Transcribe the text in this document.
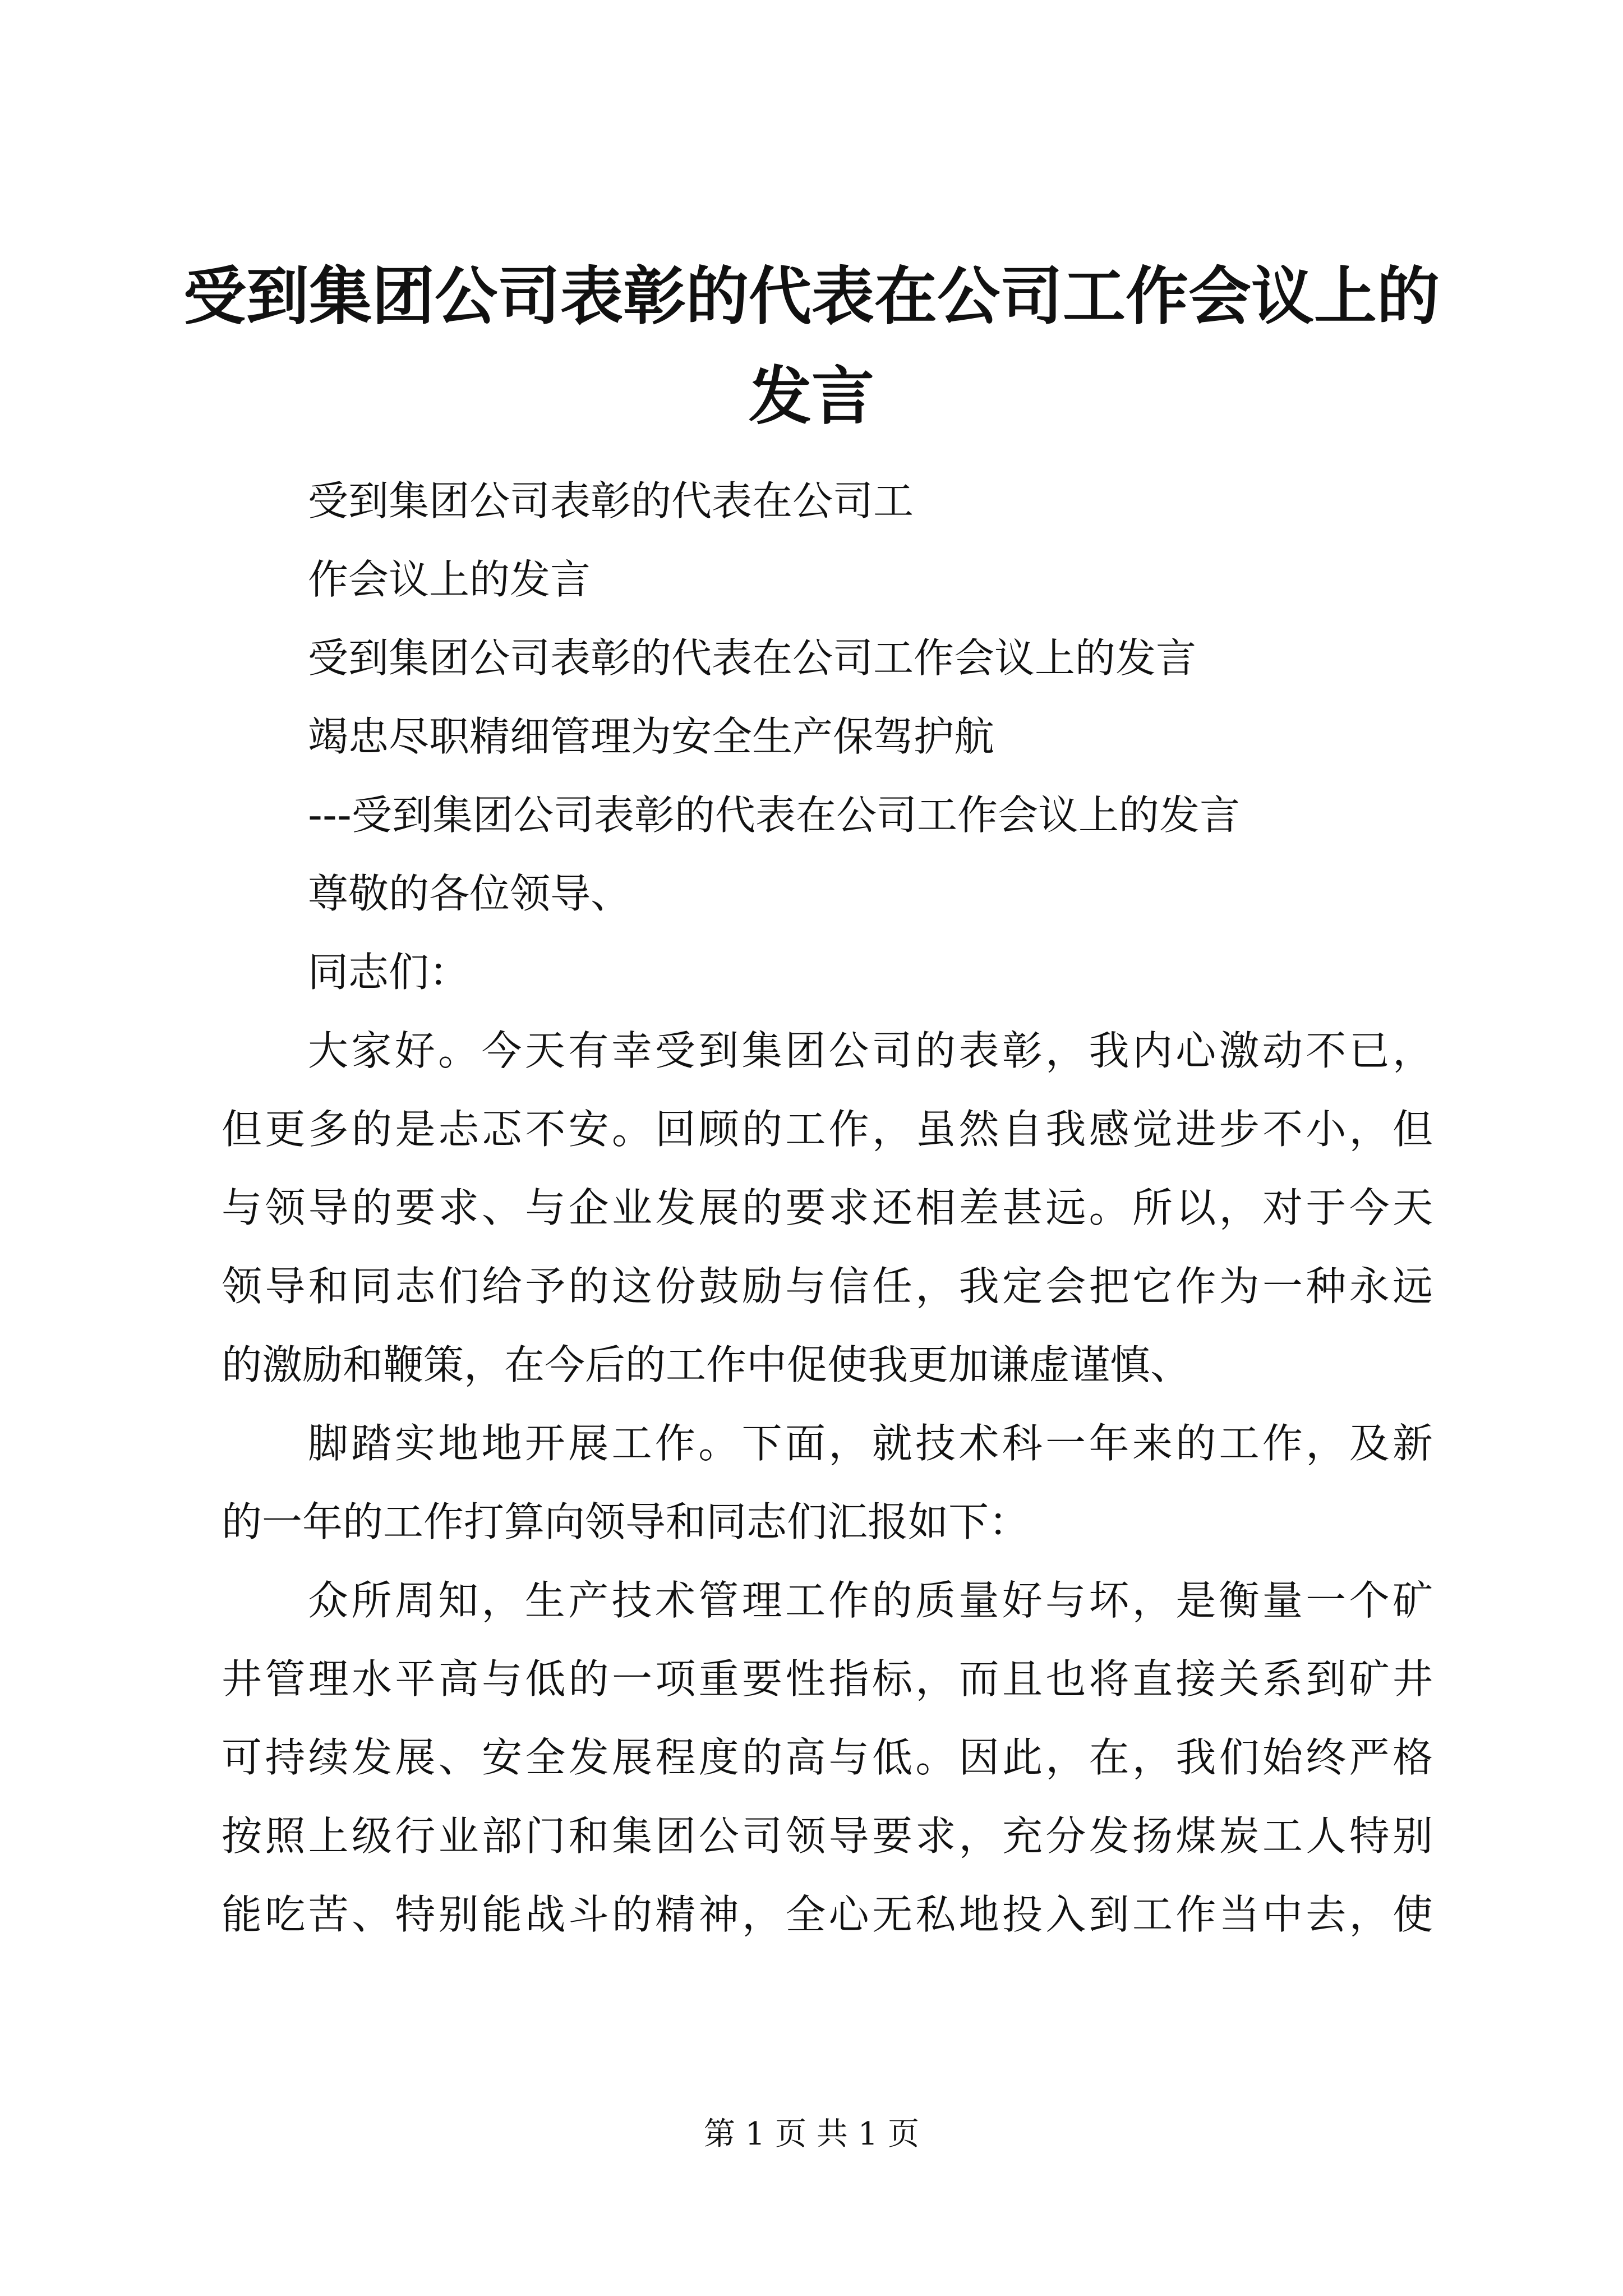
受到集团公司表彰的代表在公司工作会议上的
发言
受到集团公司表彰的代表在公司工
作会议上的发言
受到集团公司表彰的代表在公司工作会议上的发言
竭忠尽职精细管理为安全生产保驾护航
---受到集团公司表彰的代表在公司工作会议上的发言
尊敬的各位领导、
同志们：
大家好。今天有幸受到集团公司的表彰，我内心激动不已，
但更多的是忐忑不安。回顾的工作，虽然自我感觉进步不小，但
与领导的要求、与企业发展的要求还相差甚远。所以，对于今天
领导和同志们给予的这份鼓励与信任，我定会把它作为一种永远
的激励和鞭策，在今后的工作中促使我更加谦虚谨慎、
脚踏实地地开展工作。下面，就技术科一年来的工作，及新
的一年的工作打算向领导和同志们汇报如下：
众所周知，生产技术管理工作的质量好与坏，是衡量一个矿
井管理水平高与低的一项重要性指标，而且也将直接关系到矿井
可持续发展、安全发展程度的高与低。因此，在，我们始终严格
按照上级行业部门和集团公司领导要求，充分发扬煤炭工人特别
能吃苦、特别能战斗的精神，全心无私地投入到工作当中去，使
第 1 页 共 1 页
